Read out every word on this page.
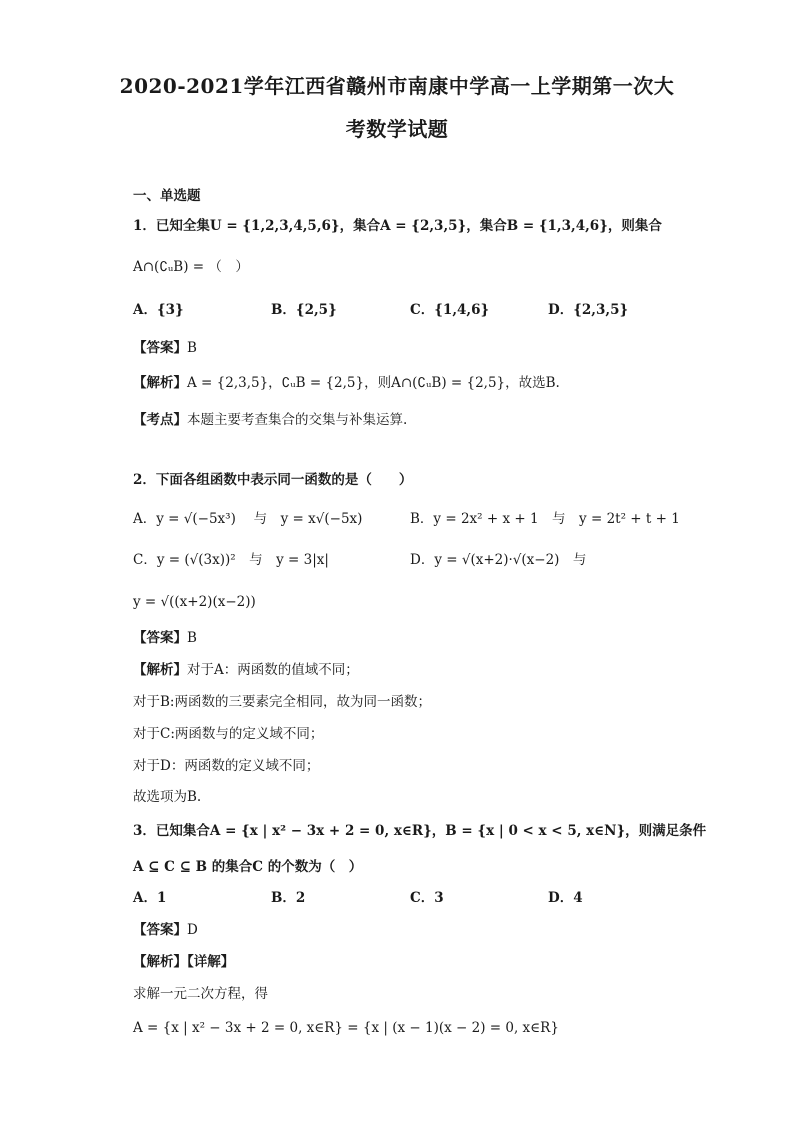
2020-2021学年江西省赣州市南康中学高一上学期第一次大
考数学试题
一、单选题
1．已知全集U = {1,2,3,4,5,6}，集合A = {2,3,5}，集合B = {1,3,4,6}，则集合
A∩(∁ᵤB) = （　）
A．{3}	B．{2,5}	C．{1,4,6}	D．{2,3,5}
【答案】B
【解析】A = {2,3,5}，∁ᵤB = {2,5}，则A∩(∁ᵤB) = {2,5}，故选B.
【考点】本题主要考查集合的交集与补集运算.
2．下面各组函数中表示同一函数的是（　　）
A．y = √(−5x³)　 与　y = x√(−5x)	B．y = 2x² + x + 1　与　y = 2t² + t + 1
C．y = (√(3x))²　与　y = 3|x|	D．y = √(x+2)·√(x−2)　与
y = √((x+2)(x−2))
【答案】B
【解析】对于A：两函数的值域不同；
对于B:两函数的三要素完全相同，故为同一函数；
对于C:两函数与的定义域不同；
对于D：两函数的定义域不同；
故选项为B.
3．已知集合A = {x | x² − 3x + 2 = 0, x∈R}，B = {x | 0 < x < 5, x∈N}，则满足条件
A ⊆ C ⊆ B 的集合C 的个数为（　）
A．1	B．2	C．3	D．4
【答案】D
【解析】【详解】
求解一元二次方程，得
A = {x | x² − 3x + 2 = 0, x∈R} = {x | (x − 1)(x − 2) = 0, x∈R}
